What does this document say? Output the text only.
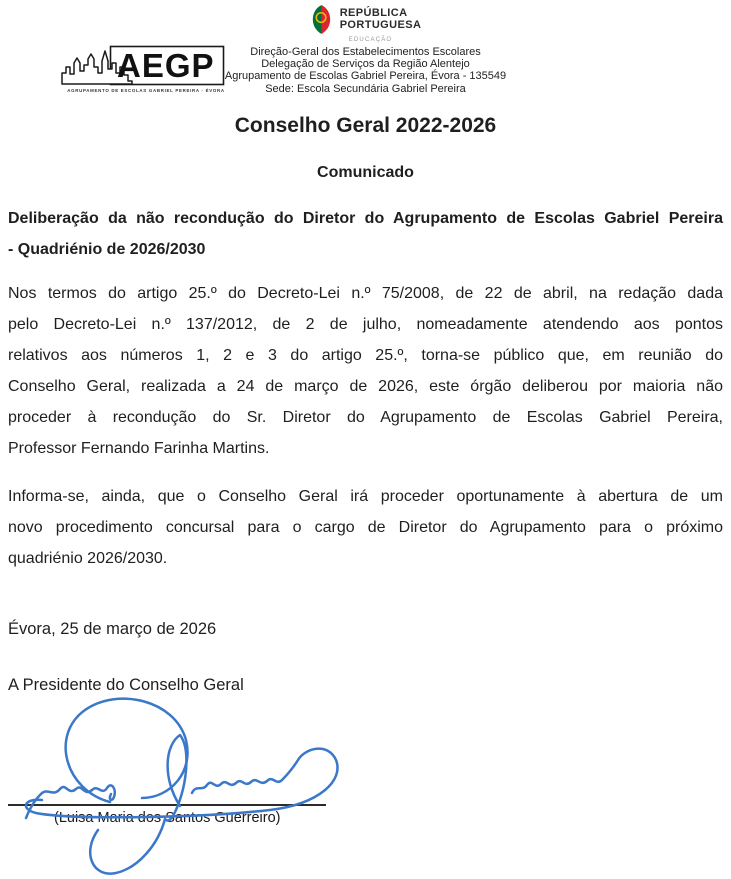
REPÚBLICA
PORTUGUESA
EDUCAÇÃO
Direção-Geral dos Estabelecimentos Escolares
Delegação de Serviços da Região Alentejo
Agrupamento de Escolas Gabriel Pereira, Évora - 135549
Sede: Escola Secundária Gabriel Pereira
AEGP
AGRUPAMENTO DE ESCOLAS GABRIEL PEREIRA - ÉVORA
Conselho Geral 2022-2026
Comunicado
Deliberação da não recondução do Diretor do Agrupamento de Escolas Gabriel Pereira
- Quadriénio de 2026/2030
Nos termos do artigo 25.º do Decreto-Lei n.º 75/2008, de 22 de abril, na redação dada
pelo Decreto-Lei n.º 137/2012, de 2 de julho, nomeadamente atendendo aos pontos
relativos aos números 1, 2 e 3 do artigo 25.º, torna-se público que, em reunião do
Conselho Geral, realizada a 24 de março de 2026, este órgão deliberou por maioria não
proceder à recondução do Sr. Diretor do Agrupamento de Escolas Gabriel Pereira,
Professor Fernando Farinha Martins.
Informa-se, ainda, que o Conselho Geral irá proceder oportunamente à abertura de um
novo procedimento concursal para o cargo de Diretor do Agrupamento para o próximo
quadriénio 2026/2030.
Évora, 25 de março de 2026
A Presidente do Conselho Geral
(Luisa Maria dos Santos Guerreiro)
